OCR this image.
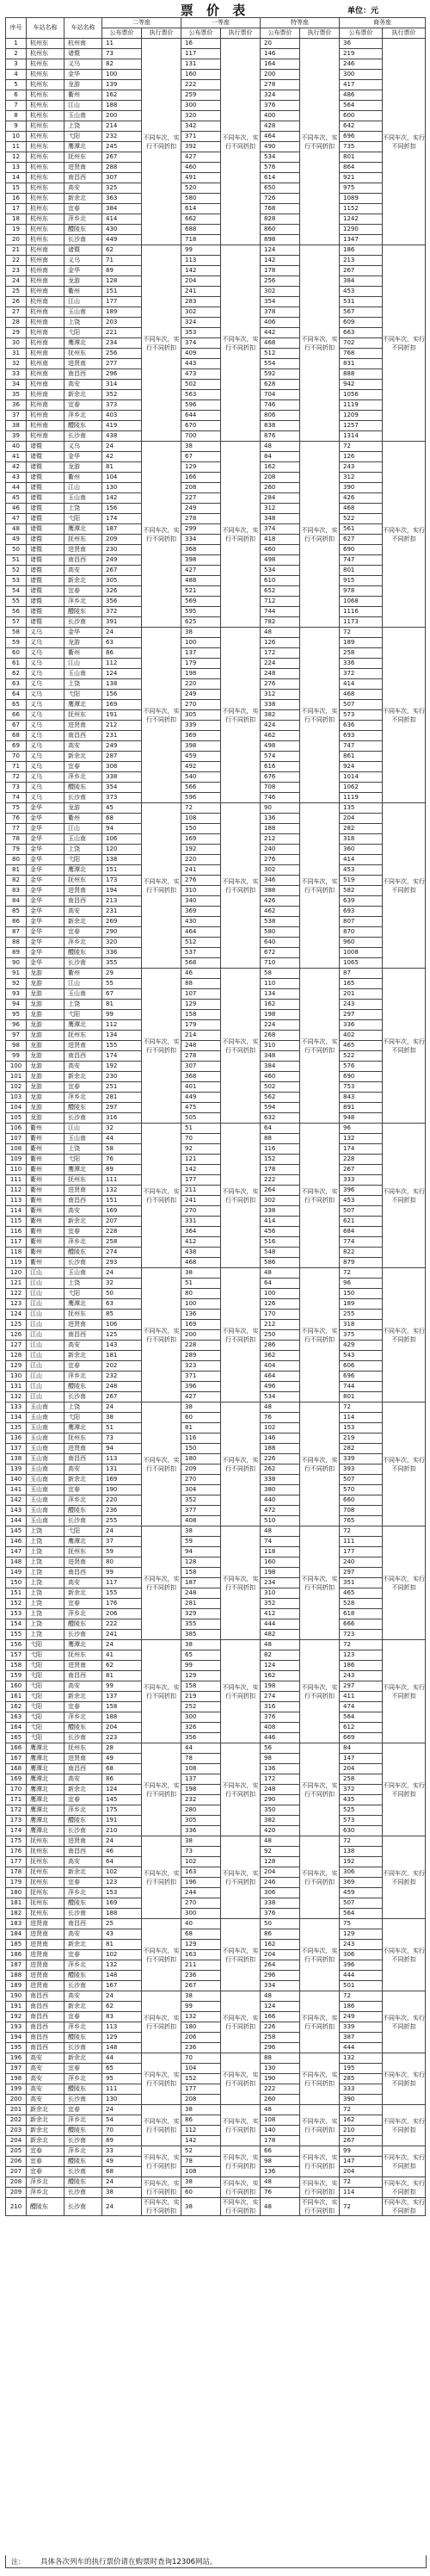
票 价 表	单位：元
序号	车站名称	车站名称	二等座		一等座		特等座		商务座	
			公布票价	执行票价	公布票价	执行票价	公布票价	执行票价	公布票价	执行票价
1	杭州东	杭州南	11	不同车次，实行不同折扣	16	不同车次，实行不同折扣	20	不同车次，实行不同折扣	36	不同车次，实行不同折扣
2	杭州东	诸暨	73		117		146		219	
3	杭州东	义乌	82		131		164		246	
4	杭州东	金华	100		160		200		300	
5	杭州东	龙游	139		222		278		417	
6	杭州东	衢州	162		259		324		486	
7	杭州东	江山	188		300		376		564	
8	杭州东	玉山南	200		320		400		600	
9	杭州东	上饶	214		342		428		642	
10	杭州东	弋阳	232		371		464		696	
11	杭州东	鹰潭北	245		392		490		735	
12	杭州东	抚州东	267		427		534		801	
13	杭州东	进贤南	288		460		576		864	
14	杭州东	南昌西	307		491		614		921	
15	杭州东	高安	325		520		650		975	
16	杭州东	新余北	363		580		726		1089	
17	杭州东	宜春	384		614		768		1152	
18	杭州东	萍乡北	414		662		828		1242	
19	杭州东	醴陵东	430		688		860		1290	
20	杭州东	长沙南	449		718		898		1347	
21	杭州南	诸暨	62	不同车次，实行不同折扣	99	不同车次，实行不同折扣	124	不同车次，实行不同折扣	186	不同车次，实行不同折扣
22	杭州南	义乌	71		113		142		213	
23	杭州南	金华	89		142		178		267	
24	杭州南	龙游	128		204		256		384	
25	杭州南	衢州	151		241		302		453	
26	杭州南	江山	177		283		354		531	
27	杭州南	玉山南	189		302		378		567	
28	杭州南	上饶	203		324		406		609	
29	杭州南	弋阳	221		353		442		663	
30	杭州南	鹰潭北	234		374		468		702	
31	杭州南	抚州东	256		409		512		768	
32	杭州南	进贤南	277		443		554		831	
33	杭州南	南昌西	296		473		592		888	
34	杭州南	高安	314		502		628		942	
35	杭州南	新余北	352		563		704		1056	
36	杭州南	宜春	373		596		746		1119	
37	杭州南	萍乡北	403		644		806		1209	
38	杭州南	醴陵东	419		670		838		1257	
39	杭州南	长沙南	438		700		876		1314	
40	诸暨	义乌	24	不同车次，实行不同折扣	38	不同车次，实行不同折扣	48	不同车次，实行不同折扣	72	不同车次，实行不同折扣
41	诸暨	金华	42		67		84		126	
42	诸暨	龙游	81		129		162		243	
43	诸暨	衢州	104		166		208		312	
44	诸暨	江山	130		208		260		390	
45	诸暨	玉山南	142		227		284		426	
46	诸暨	上饶	156		249		312		468	
47	诸暨	弋阳	174		278		348		522	
48	诸暨	鹰潭北	187		299		374		561	
49	诸暨	抚州东	209		334		418		627	
50	诸暨	进贤南	230		368		460		690	
51	诸暨	南昌西	249		398		498		747	
52	诸暨	高安	267		427		534		801	
53	诸暨	新余北	305		488		610		915	
54	诸暨	宜春	326		521		652		978	
55	诸暨	萍乡北	356		569		712		1068	
56	诸暨	醴陵东	372		595		744		1116	
57	诸暨	长沙南	391		625		782		1173	
58	义乌	金华	24	不同车次，实行不同折扣	38	不同车次，实行不同折扣	48	不同车次，实行不同折扣	72	不同车次，实行不同折扣
59	义乌	龙游	63		100		126		189	
60	义乌	衢州	86		137		172		258	
61	义乌	江山	112		179		224		336	
62	义乌	玉山南	124		198		248		372	
63	义乌	上饶	138		220		276		414	
64	义乌	弋阳	156		249		312		468	
65	义乌	鹰潭北	169		270		338		507	
66	义乌	抚州东	191		305		382		573	
67	义乌	进贤南	212		339		424		636	
68	义乌	南昌西	231		369		462		693	
69	义乌	高安	249		398		498		747	
70	义乌	新余北	287		459		574		861	
71	义乌	宜春	308		492		616		924	
72	义乌	萍乡北	338		540		676		1014	
73	义乌	醴陵东	354		566		708		1062	
74	义乌	长沙南	373		596		746		1119	
75	金华	龙游	45	不同车次，实行不同折扣	72	不同车次，实行不同折扣	90	不同车次，实行不同折扣	135	不同车次，实行不同折扣
76	金华	衢州	68		108		136		204	
77	金华	江山	94		150		188		282	
78	金华	玉山南	106		169		212		318	
79	金华	上饶	120		192		240		360	
80	金华	弋阳	138		220		276		414	
81	金华	鹰潭北	151		241		302		453	
82	金华	抚州东	173		276		346		519	
83	金华	进贤南	194		310		388		582	
84	金华	南昌西	213		340		426		639	
85	金华	高安	231		369		462		693	
86	金华	新余北	269		430		538		807	
87	金华	宜春	290		464		580		870	
88	金华	萍乡北	320		512		640		960	
89	金华	醴陵东	336		537		672		1008	
90	金华	长沙南	355		568		710		1065	
91	龙游	衢州	29	不同车次，实行不同折扣	46	不同车次，实行不同折扣	58	不同车次，实行不同折扣	87	不同车次，实行不同折扣
92	龙游	江山	55		88		110		165	
93	龙游	玉山南	67		107		134		201	
94	龙游	上饶	81		129		162		243	
95	龙游	弋阳	99		158		198		297	
96	龙游	鹰潭北	112		179		224		336	
97	龙游	抚州东	134		214		268		402	
98	龙游	进贤南	155		248		310		465	
99	龙游	南昌西	174		278		348		522	
100	龙游	高安	192		307		384		576	
101	龙游	新余北	230		368		460		690	
102	龙游	宜春	251		401		502		753	
103	龙游	萍乡北	281		449		562		843	
104	龙游	醴陵东	297		475		594		891	
105	龙游	长沙南	316		505		632		948	
106	衢州	江山	32	不同车次，实行不同折扣	51	不同车次，实行不同折扣	64	不同车次，实行不同折扣	96	不同车次，实行不同折扣
107	衢州	玉山南	44		70		88		132	
108	衢州	上饶	58		92		116		174	
109	衢州	弋阳	76		121		152		228	
110	衢州	鹰潭北	89		142		178		267	
111	衢州	抚州东	111		177		222		333	
112	衢州	进贤南	132		211		264		396	
113	衢州	南昌西	151		241		302		453	
114	衢州	高安	169		270		338		507	
115	衢州	新余北	207		331		414		621	
116	衢州	宜春	228		364		456		684	
117	衢州	萍乡北	258		412		516		774	
118	衢州	醴陵东	274		438		548		822	
119	衢州	长沙南	293		468		586		879	
120	江山	玉山南	24	不同车次，实行不同折扣	38	不同车次，实行不同折扣	48	不同车次，实行不同折扣	72	不同车次，实行不同折扣
121	江山	上饶	32		51		64		96	
122	江山	弋阳	50		80		100		150	
123	江山	鹰潭北	63		100		126		189	
124	江山	抚州东	85		136		170		255	
125	江山	进贤南	106		169		212		318	
126	江山	南昌西	125		200		250		375	
127	江山	高安	143		228		286		429	
128	江山	新余北	181		289		362		543	
129	江山	宜春	202		323		404		606	
130	江山	萍乡北	232		371		464		696	
131	江山	醴陵东	248		396		496		744	
132	江山	长沙南	267		427		534		801	
133	玉山南	上饶	24	不同车次，实行不同折扣	38	不同车次，实行不同折扣	48	不同车次，实行不同折扣	72	不同车次，实行不同折扣
134	玉山南	弋阳	38		60		76		114	
135	玉山南	鹰潭北	51		81		102		153	
136	玉山南	抚州东	73		116		146		219	
137	玉山南	进贤南	94		150		188		282	
138	玉山南	南昌西	113		180		226		339	
139	玉山南	高安	131		209		262		393	
140	玉山南	新余北	169		270		338		507	
141	玉山南	宜春	190		304		380		570	
142	玉山南	萍乡北	220		352		440		660	
143	玉山南	醴陵东	236		377		472		708	
144	玉山南	长沙南	255		408		510		765	
145	上饶	弋阳	24	不同车次，实行不同折扣	38	不同车次，实行不同折扣	48	不同车次，实行不同折扣	72	不同车次，实行不同折扣
146	上饶	鹰潭北	37		59		74		111	
147	上饶	抚州东	59		94		118		177	
148	上饶	进贤南	80		128		160		240	
149	上饶	南昌西	99		158		198		297	
150	上饶	高安	117		187		234		351	
151	上饶	新余北	155		248		310		465	
152	上饶	宜春	176		281		352		528	
153	上饶	萍乡北	206		329		412		618	
154	上饶	醴陵东	222		355		444		666	
155	上饶	长沙南	241		385		482		723	
156	弋阳	鹰潭北	24	不同车次，实行不同折扣	38	不同车次，实行不同折扣	48	不同车次，实行不同折扣	72	不同车次，实行不同折扣
157	弋阳	抚州东	41		65		82		123	
158	弋阳	进贤南	62		99		124		186	
159	弋阳	南昌西	81		129		162		243	
160	弋阳	高安	99		158		198		297	
161	弋阳	新余北	137		219		274		411	
162	弋阳	宜春	158		252		316		474	
163	弋阳	萍乡北	188		300		376		564	
164	弋阳	醴陵东	204		326		408		612	
165	弋阳	长沙南	223		356		446		669	
166	鹰潭北	抚州东	28	不同车次，实行不同折扣	44	不同车次，实行不同折扣	56	不同车次，实行不同折扣	84	不同车次，实行不同折扣
167	鹰潭北	进贤南	49		78		98		147	
168	鹰潭北	南昌西	68		108		136		204	
169	鹰潭北	高安	86		137		172		258	
170	鹰潭北	新余北	124		198		248		372	
171	鹰潭北	宜春	145		232		290		435	
172	鹰潭北	萍乡北	175		280		350		525	
173	鹰潭北	醴陵东	191		305		382		573	
174	鹰潭北	长沙南	210		336		420		630	
175	抚州东	进贤南	24	不同车次，实行不同折扣	38	不同车次，实行不同折扣	48	不同车次，实行不同折扣	72	不同车次，实行不同折扣
176	抚州东	南昌西	46		73		92		138	
177	抚州东	高安	64		102		128		192	
178	抚州东	新余北	102		163		204		306	
179	抚州东	宜春	123		196		246		369	
180	抚州东	萍乡北	153		244		306		459	
181	抚州东	醴陵东	169		270		338		507	
182	抚州东	长沙南	188		300		376		564	
183	进贤南	南昌西	25	不同车次，实行不同折扣	40	不同车次，实行不同折扣	50	不同车次，实行不同折扣	75	不同车次，实行不同折扣
184	进贤南	高安	43		68		86		129	
185	进贤南	新余北	81		129		162		243	
186	进贤南	宜春	102		163		204		306	
187	进贤南	萍乡北	132		211		264		396	
188	进贤南	醴陵东	148		236		296		444	
189	进贤南	长沙南	167		267		334		501	
190	南昌西	高安	24	不同车次，实行不同折扣	38	不同车次，实行不同折扣	48	不同车次，实行不同折扣	72	不同车次，实行不同折扣
191	南昌西	新余北	62		99		124		186	
192	南昌西	宜春	83		132		166		249	
193	南昌西	萍乡北	113		180		226		339	
194	南昌西	醴陵东	129		206		258		387	
195	南昌西	长沙南	148		236		296		444	
196	高安	新余北	44	不同车次，实行不同折扣	70	不同车次，实行不同折扣	88	不同车次，实行不同折扣	132	不同车次，实行不同折扣
197	高安	宜春	65		104		130		195	
198	高安	萍乡北	95		152		190		285	
199	高安	醴陵东	111		177		222		333	
200	高安	长沙南	130		208		260		390	
201	新余北	宜春	24	不同车次，实行不同折扣	38	不同车次，实行不同折扣	48	不同车次，实行不同折扣	72	不同车次，实行不同折扣
202	新余北	萍乡北	54		86		108		162	
203	新余北	醴陵东	70		112		140		210	
204	新余北	长沙南	89		142		178		267	
205	宜春	萍乡北	33	不同车次，实行不同折扣	52	不同车次，实行不同折扣	66	不同车次，实行不同折扣	99	不同车次，实行不同折扣
206	宜春	醴陵东	49		78		98		147	
207	宜春	长沙南	68		108		136		204	
208	萍乡北	醴陵东	24	不同车次，实行不同折扣	38	不同车次，实行不同折扣	48	不同车次，实行不同折扣	72	不同车次，实行不同折扣
209	萍乡北	长沙南	38		60		76		114	
210	醴陵东	长沙南	24	不同车次，实行不同折扣	38	不同车次，实行不同折扣	48	不同车次，实行不同折扣	72	不同车次，实行不同折扣
注： 具体各次列车的执行票价请在购票时查询12306网站。
